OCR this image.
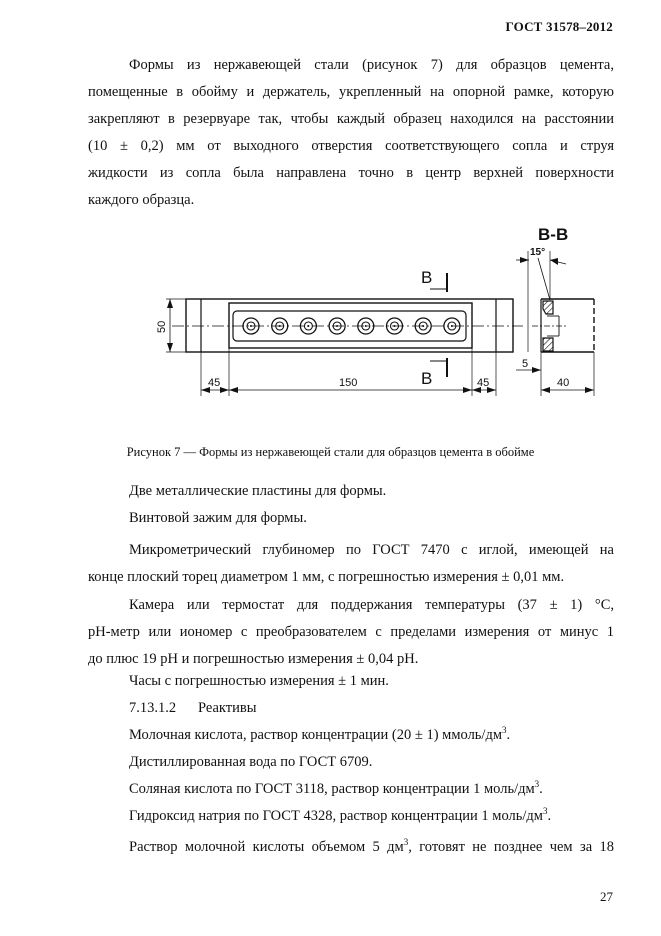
ГОСТ 31578–2012
Формы из нержавеющей стали (рисунок 7) для образцов цемента,
помещенные в обойму и держатель, укрепленный на опорной рамке, которую
закрепляют в резервуаре так, чтобы каждый образец находился на расстоянии
(10 ± 0,2) мм от выходного отверстия соответствующего сопла и струя
жидкости из сопла была направлена точно в центр верхней поверхности
каждого образца.
B-B
15°
B
B
50
45	150	45
5
40
Рисунок 7 — Формы из нержавеющей стали для образцов цемента в обойме
Две металлические пластины для формы.
Винтовой зажим для формы.
Микрометрический глубиномер по ГОСТ 7470 с иглой, имеющей на
конце плоский торец диаметром 1 мм, с погрешностью измерения ± 0,01 мм.
Камера или термостат для поддержания температуры (37 ± 1) °С,
рН-метр или иономер с преобразователем с пределами измерения от минус 1
до плюс 19 рН и погрешностью измерения ± 0,04 рН.
Часы с погрешностью измерения ± 1 мин.
7.13.1.2 Реактивы
Молочная кислота, раствор концентрации (20 ± 1) ммоль/$дм^3$.
Дистиллированная вода по ГОСТ 6709.
Соляная кислота по ГОСТ 3118, раствор концентрации 1 моль/$дм^3$.
Гидроксид натрия по ГОСТ 4328, раствор концентрации 1 моль/$дм^3$.
Раствор молочной кислоты объемом 5 $дм^3$, готовят не позднее чем за 18
27
